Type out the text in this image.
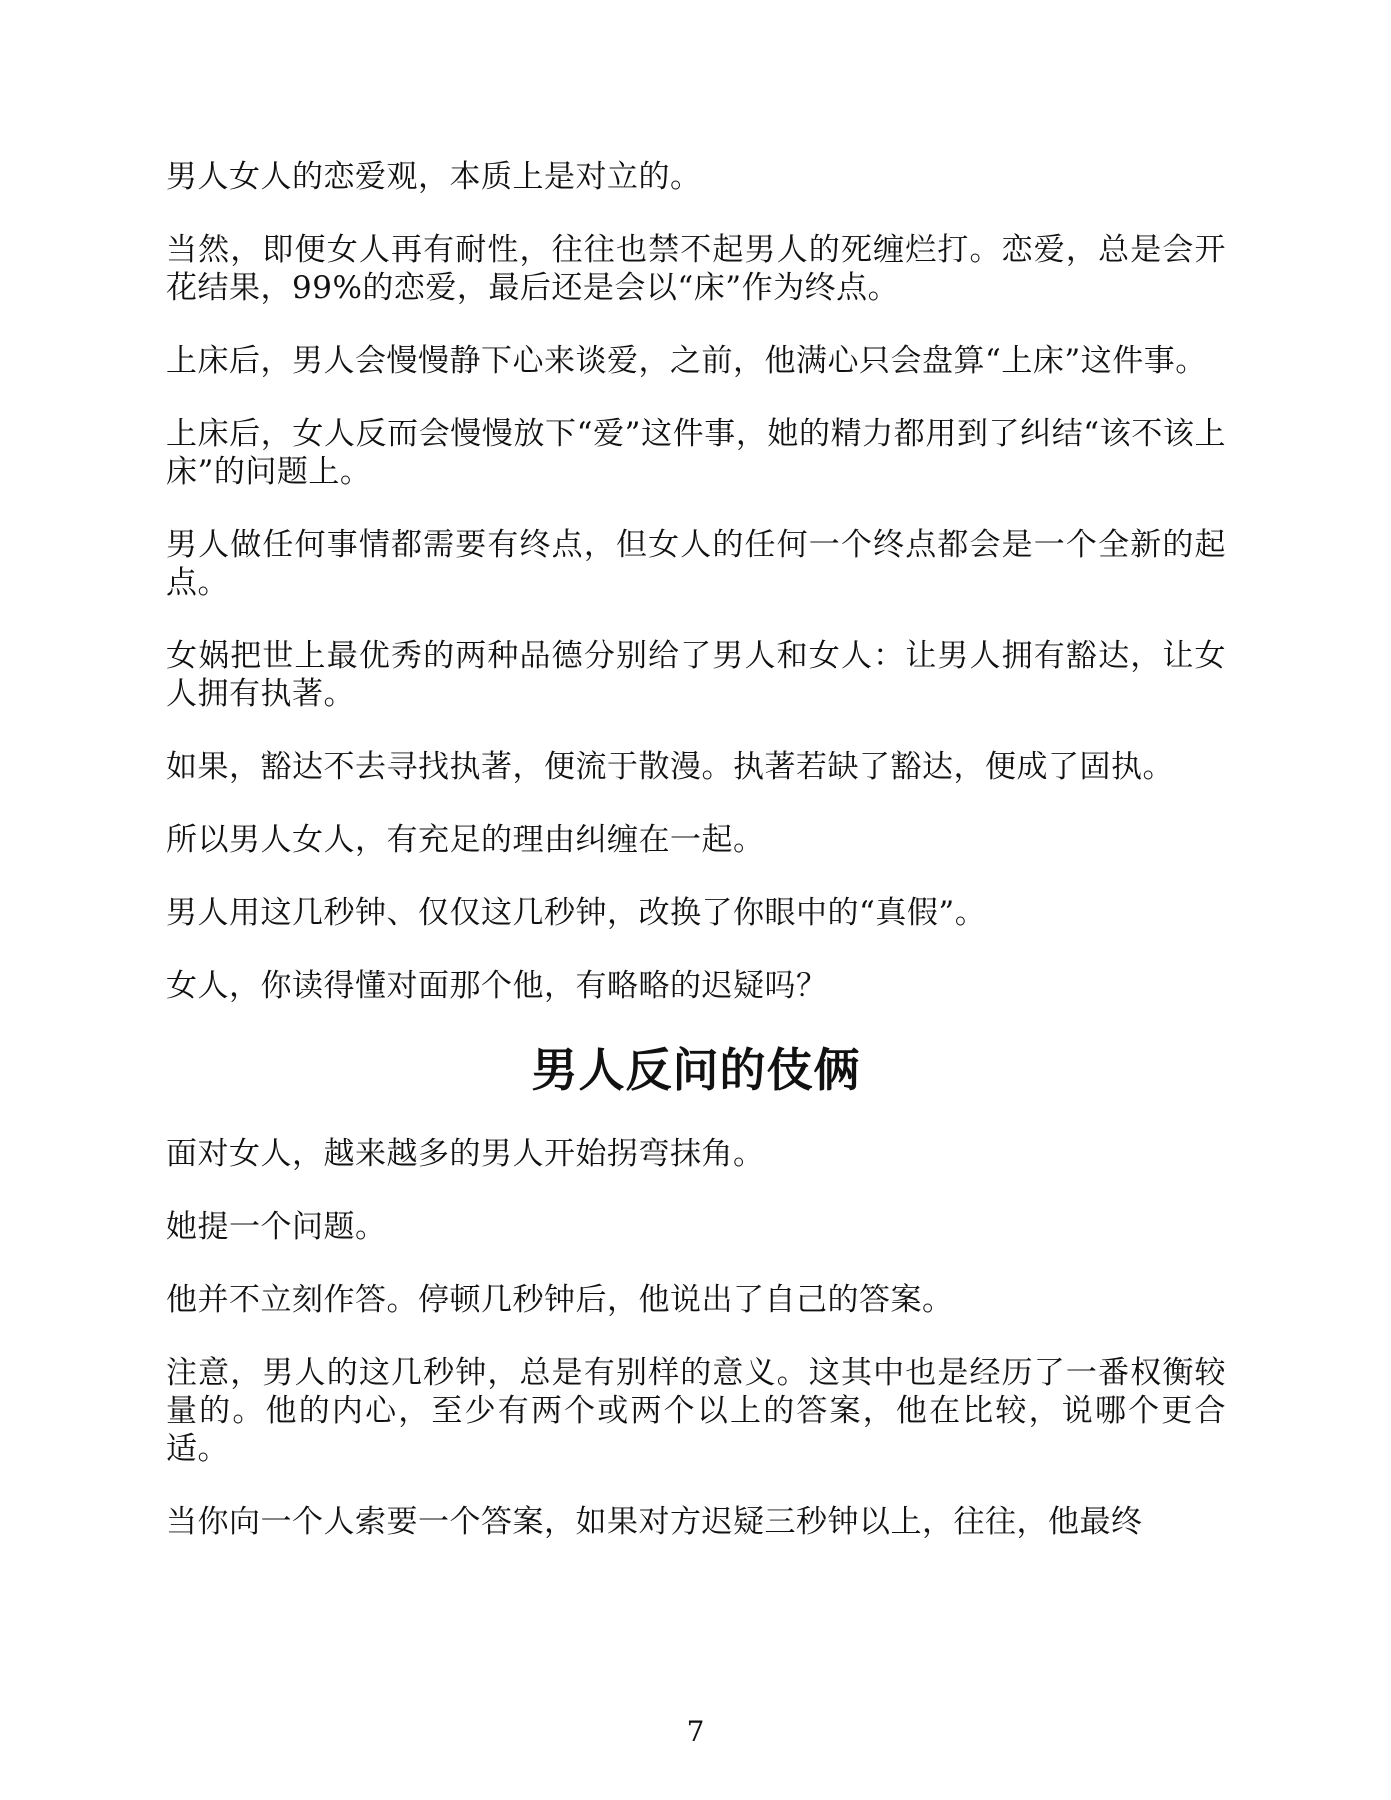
男人女人的恋爱观，本质上是对立的。

当然，即便女人再有耐性，往往也禁不起男人的死缠烂打。恋爱，总是会开花结果，99%的恋爱，最后还是会以“床”作为终点。

上床后，男人会慢慢静下心来谈爱，之前，他满心只会盘算“上床”这件事。

上床后，女人反而会慢慢放下“爱”这件事，她的精力都用到了纠结“该不该上床”的问题上。

男人做任何事情都需要有终点，但女人的任何一个终点都会是一个全新的起点。

女娲把世上最优秀的两种品德分别给了男人和女人：让男人拥有豁达，让女人拥有执著。

如果，豁达不去寻找执著，便流于散漫。执著若缺了豁达，便成了固执。

所以男人女人，有充足的理由纠缠在一起。

男人用这几秒钟、仅仅这几秒钟，改换了你眼中的“真假”。

女人，你读得懂对面那个他，有略略的迟疑吗？

男人反问的伎俩

面对女人，越来越多的男人开始拐弯抹角。

她提一个问题。

他并不立刻作答。停顿几秒钟后，他说出了自己的答案。

注意，男人的这几秒钟，总是有别样的意义。这其中也是经历了一番权衡较量的。他的内心，至少有两个或两个以上的答案，他在比较，说哪个更合适。

当你向一个人索要一个答案，如果对方迟疑三秒钟以上，往往，他最终

7
